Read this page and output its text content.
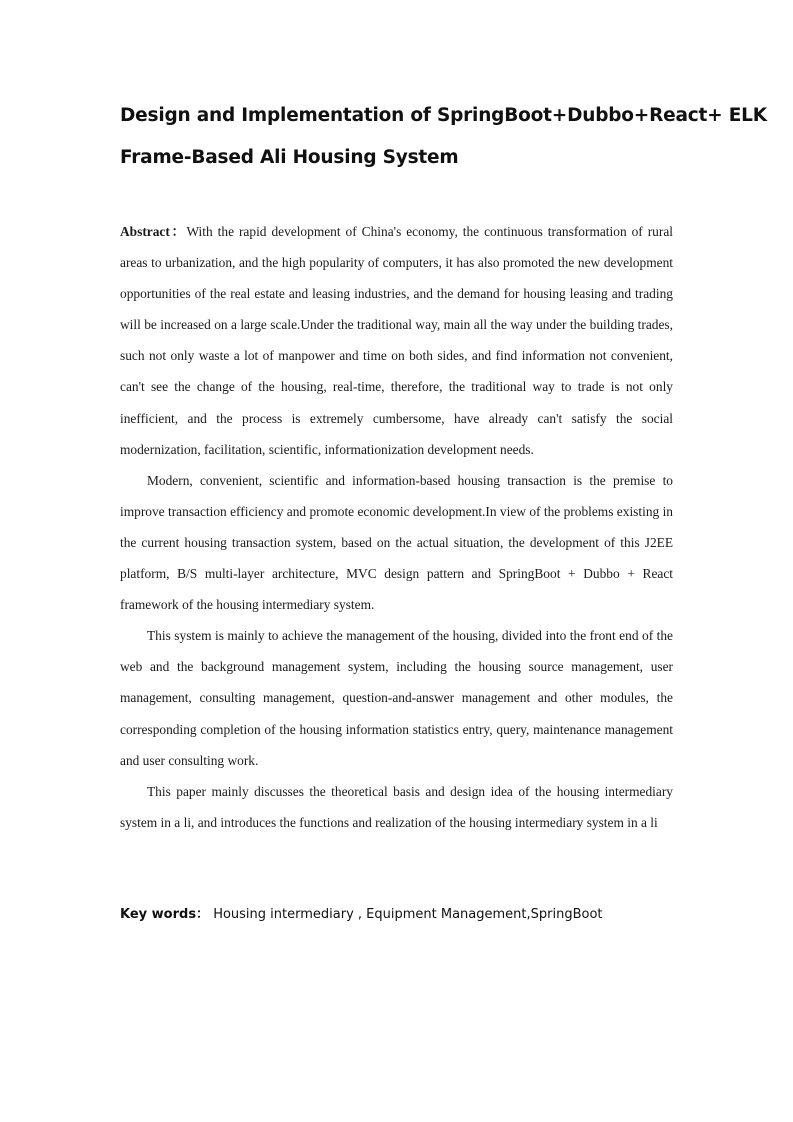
Design and Implementation of SpringBoot+Dubbo+React+ ELK
Frame-Based Ali Housing System

Abstract：With the rapid development of China's economy, the continuous transformation of rural areas to urbanization, and the high popularity of computers, it has also promoted the new development opportunities of the real estate and leasing industries, and the demand for housing leasing and trading will be increased on a large scale.Under the traditional way, main all the way under the building trades, such not only waste a lot of manpower and time on both sides, and find information not convenient, can't see the change of the housing, real-time, therefore, the traditional way to trade is not only inefficient, and the process is extremely cumbersome, have already can't satisfy the social modernization, facilitation, scientific, informationization development needs.

Modern, convenient, scientific and information-based housing transaction is the premise to improve transaction efficiency and promote economic development.In view of the problems existing in the current housing transaction system, based on the actual situation, the development of this J2EE platform, B/S multi-layer architecture, MVC design pattern and SpringBoot + Dubbo + React framework of the housing intermediary system.

This system is mainly to achieve the management of the housing, divided into the front end of the web and the background management system, including the housing source management, user management, consulting management, question-and-answer management and other modules, the corresponding completion of the housing information statistics entry, query, maintenance management and user consulting work.

This paper mainly discusses the theoretical basis and design idea of the housing intermediary system in a li, and introduces the functions and realization of the housing intermediary system in a li

Key words： Housing intermediary , Equipment Management,SpringBoot
